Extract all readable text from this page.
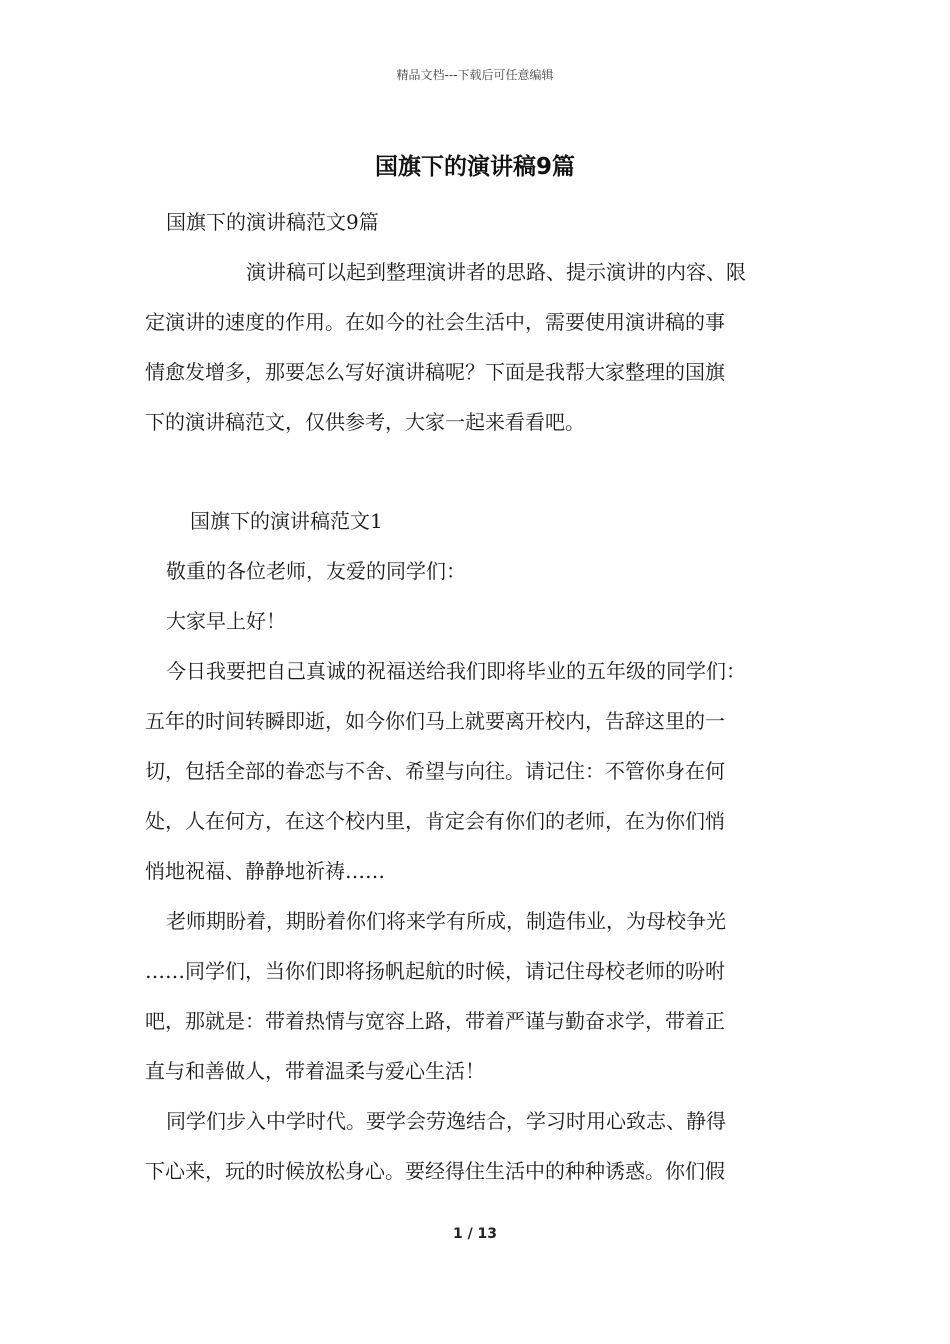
精品文档---下载后可任意编辑
国旗下的演讲稿9篇
国旗下的演讲稿范文9篇
演讲稿可以起到整理演讲者的思路、提示演讲的内容、限
定演讲的速度的作用。在如今的社会生活中，需要使用演讲稿的事
情愈发增多，那要怎么写好演讲稿呢？下面是我帮大家整理的国旗
下的演讲稿范文，仅供参考，大家一起来看看吧。
国旗下的演讲稿范文1
敬重的各位老师，友爱的同学们：
大家早上好！
今日我要把自己真诚的祝福送给我们即将毕业的五年级的同学们：
五年的时间转瞬即逝，如今你们马上就要离开校内，告辞这里的一
切，包括全部的眷恋与不舍、希望与向往。请记住：不管你身在何
处，人在何方，在这个校内里，肯定会有你们的老师，在为你们悄
悄地祝福、静静地祈祷……
老师期盼着，期盼着你们将来学有所成，制造伟业，为母校争光
……同学们，当你们即将扬帆起航的时候，请记住母校老师的吩咐
吧，那就是：带着热情与宽容上路，带着严谨与勤奋求学，带着正
直与和善做人，带着温柔与爱心生活！
同学们步入中学时代。要学会劳逸结合，学习时用心致志、静得
下心来，玩的时候放松身心。要经得住生活中的种种诱惑。你们假
1 / 13
